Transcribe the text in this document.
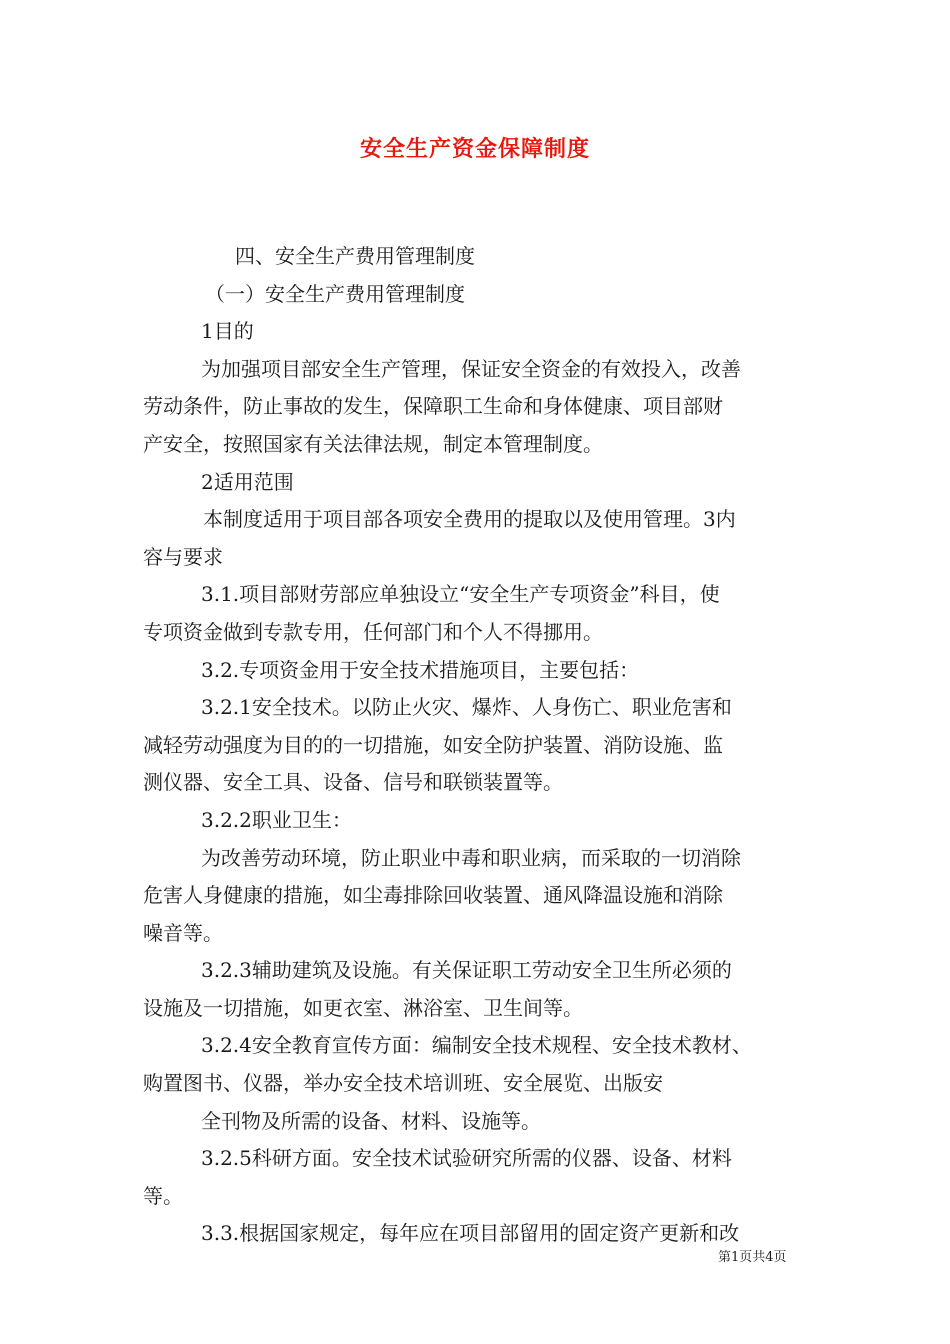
安全生产资金保障制度
四、安全生产费用管理制度
（一）安全生产费用管理制度
1目的
为加强项目部安全生产管理，保证安全资金的有效投入，改善
劳动条件，防止事故的发生，保障职工生命和身体健康、项目部财
产安全，按照国家有关法律法规，制定本管理制度。
2适用范围
本制度适用于项目部各项安全费用的提取以及使用管理。3内
容与要求
3.1.项目部财劳部应单独设立“安全生产专项资金”科目，使
专项资金做到专款专用，任何部门和个人不得挪用。
3.2.专项资金用于安全技术措施项目，主要包括：
3.2.1安全技术。以防止火灾、爆炸、人身伤亡、职业危害和
减轻劳动强度为目的的一切措施，如安全防护装置、消防设施、监
测仪器、安全工具、设备、信号和联锁装置等。
3.2.2职业卫生：
为改善劳动环境，防止职业中毒和职业病，而采取的一切消除
危害人身健康的措施，如尘毒排除回收装置、通风降温设施和消除
噪音等。
3.2.3辅助建筑及设施。有关保证职工劳动安全卫生所必须的
设施及一切措施，如更衣室、淋浴室、卫生间等。
3.2.4安全教育宣传方面：编制安全技术规程、安全技术教材、
购置图书、仪器，举办安全技术培训班、安全展览、出版安
全刊物及所需的设备、材料、设施等。
3.2.5科研方面。安全技术试验研究所需的仪器、设备、材料
等。
3.3.根据国家规定，每年应在项目部留用的固定资产更新和改
第1页共4页
